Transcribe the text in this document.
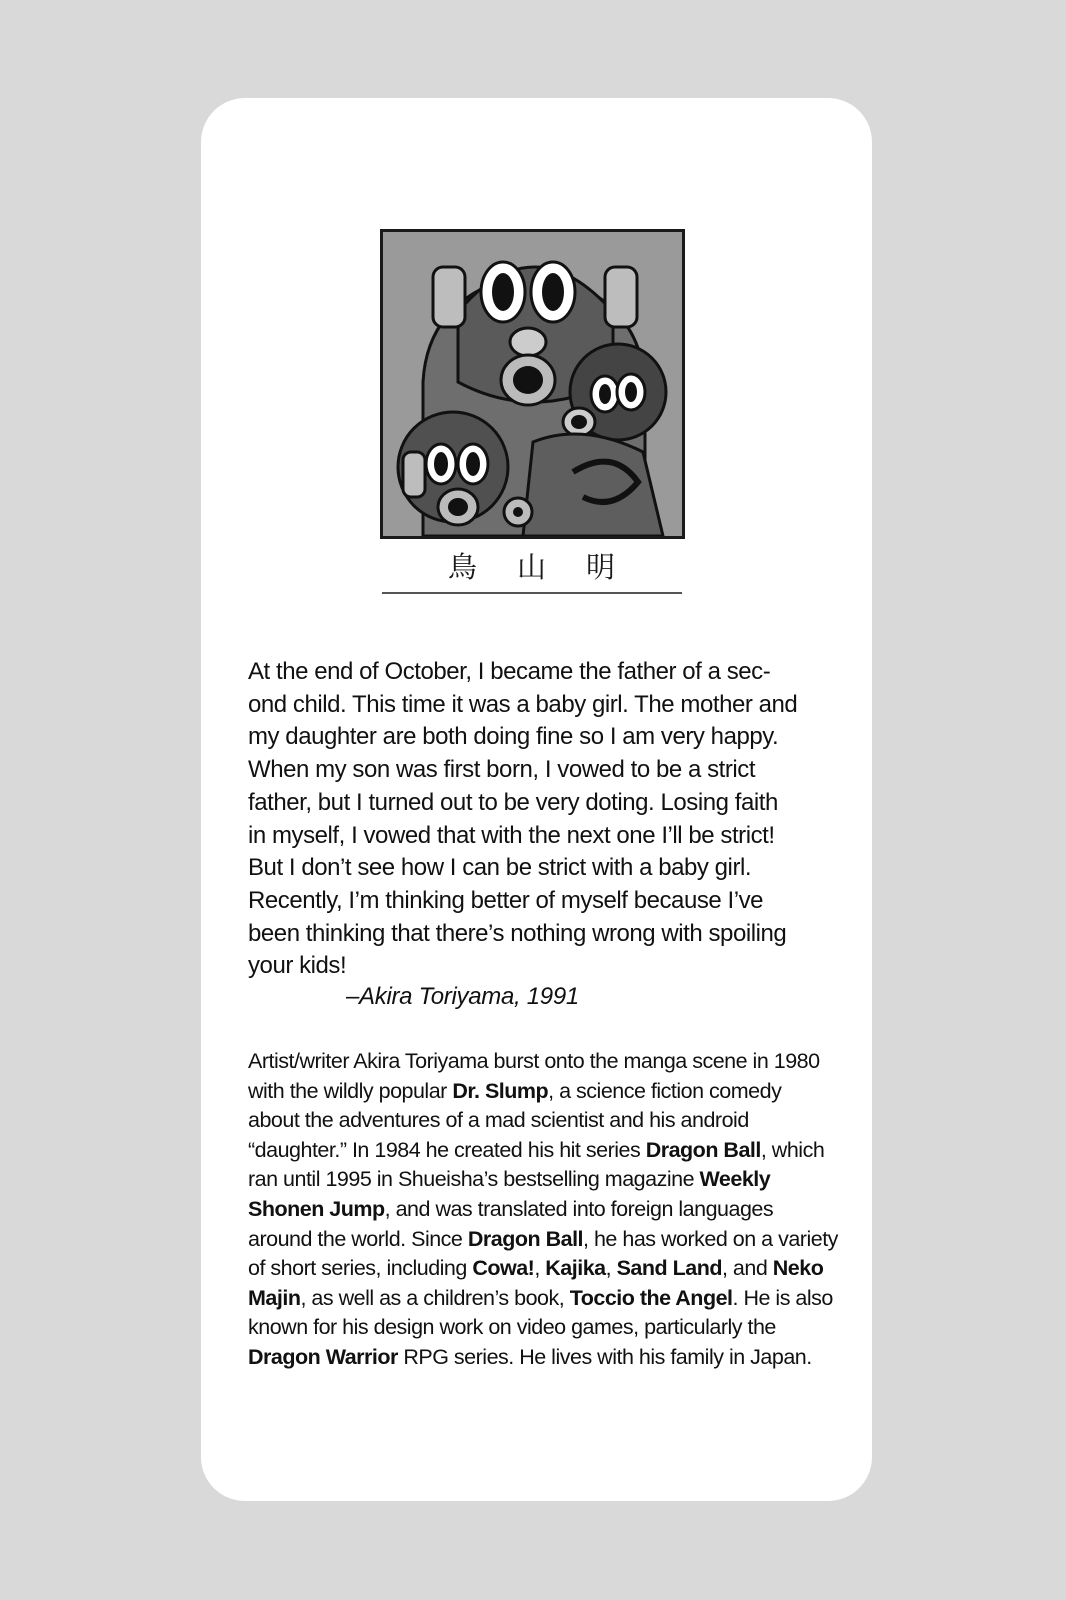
鳥山明

At the end of October, I became the father of a sec-

ond child. This time it was a baby girl. The mother and

my daughter are both doing fine so I am very happy.

When my son was first born, I vowed to be a strict

father, but I turned out to be very doting. Losing faith

in myself, I vowed that with the next one I’ll be strict!

But I don’t see how I can be strict with a baby girl.

Recently, I’m thinking better of myself because I’ve

been thinking that there’s nothing wrong with spoiling

your kids!

–Akira Toriyama, 1991

Artist/writer Akira Toriyama burst onto the manga scene in 1980 with the wildly popular Dr. Slump, a science fiction comedy about the adventures of a mad scientist and his android “daughter.” In 1984 he created his hit series Dragon Ball, which ran until 1995 in Shueisha’s bestselling magazine Weekly Shonen Jump, and was translated into foreign languages around the world. Since Dragon Ball, he has worked on a variety of short series, including Cowa!, Kajika, Sand Land, and Neko Majin, as well as a children’s book, Toccio the Angel. He is also known for his design work on video games, particularly the Dragon Warrior RPG series. He lives with his family in Japan.
